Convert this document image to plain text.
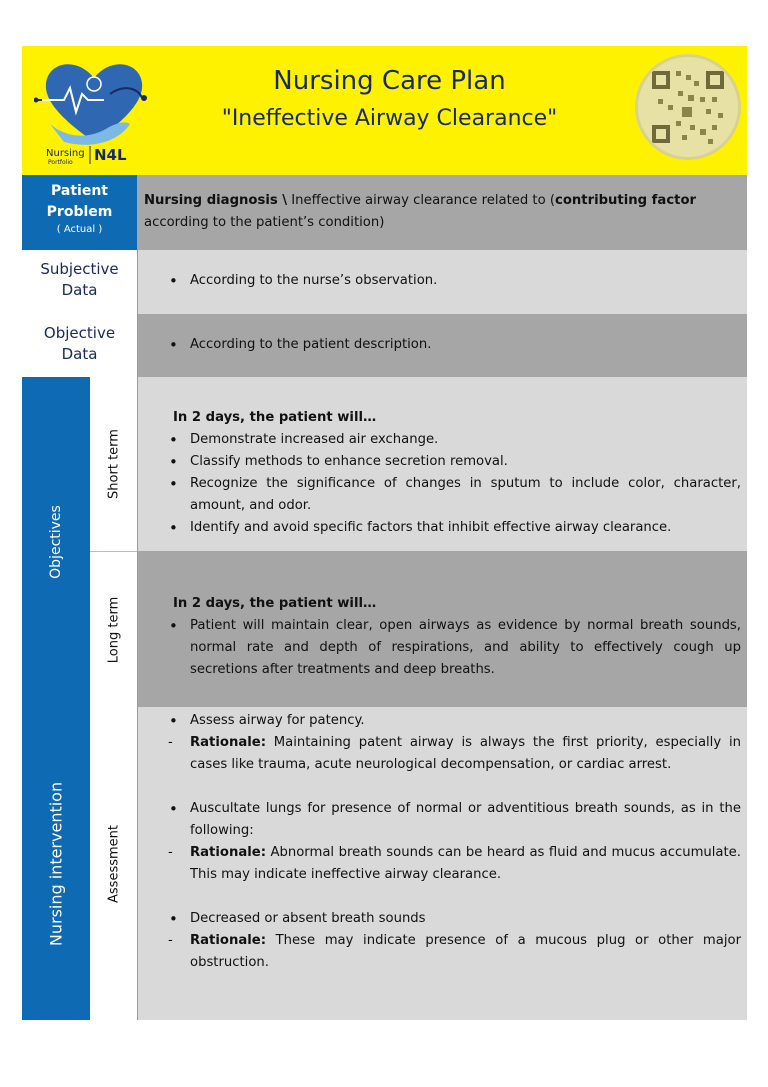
Nursing
Portfolio N4L
Nursing Care Plan
"Ineffective Airway Clearance"
Patient
Problem
( Actual )
Nursing diagnosis \ Ineffective airway clearance related to (contributing factor according to the patient’s condition)
Subjective
Data
• According to the nurse’s observation.
Objective
Data
• According to the patient description.
Objectives
Short term
In 2 days, the patient will…
• Demonstrate increased air exchange.
• Classify methods to enhance secretion removal.
• Recognize the significance of changes in sputum to include color, character, amount, and odor.
• Identify and avoid specific factors that inhibit effective airway clearance.
Long term	In 2 days, the patient will…
• Patient will maintain clear, open airways as evidence by normal breath sounds, normal rate and depth of respirations, and ability to effectively cough up secretions after treatments and deep breaths.
Nursing intervention	Assessment
• Assess airway for patency.
- Rationale: Maintaining patent airway is always the first priority, especially in cases like trauma, acute neurological decompensation, or cardiac arrest.
• Auscultate lungs for presence of normal or adventitious breath sounds, as in the following:
- Rationale: Abnormal breath sounds can be heard as fluid and mucus accumulate. This may indicate ineffective airway clearance.
• Decreased or absent breath sounds
- Rationale: These may indicate presence of a mucous plug or other major obstruction.
